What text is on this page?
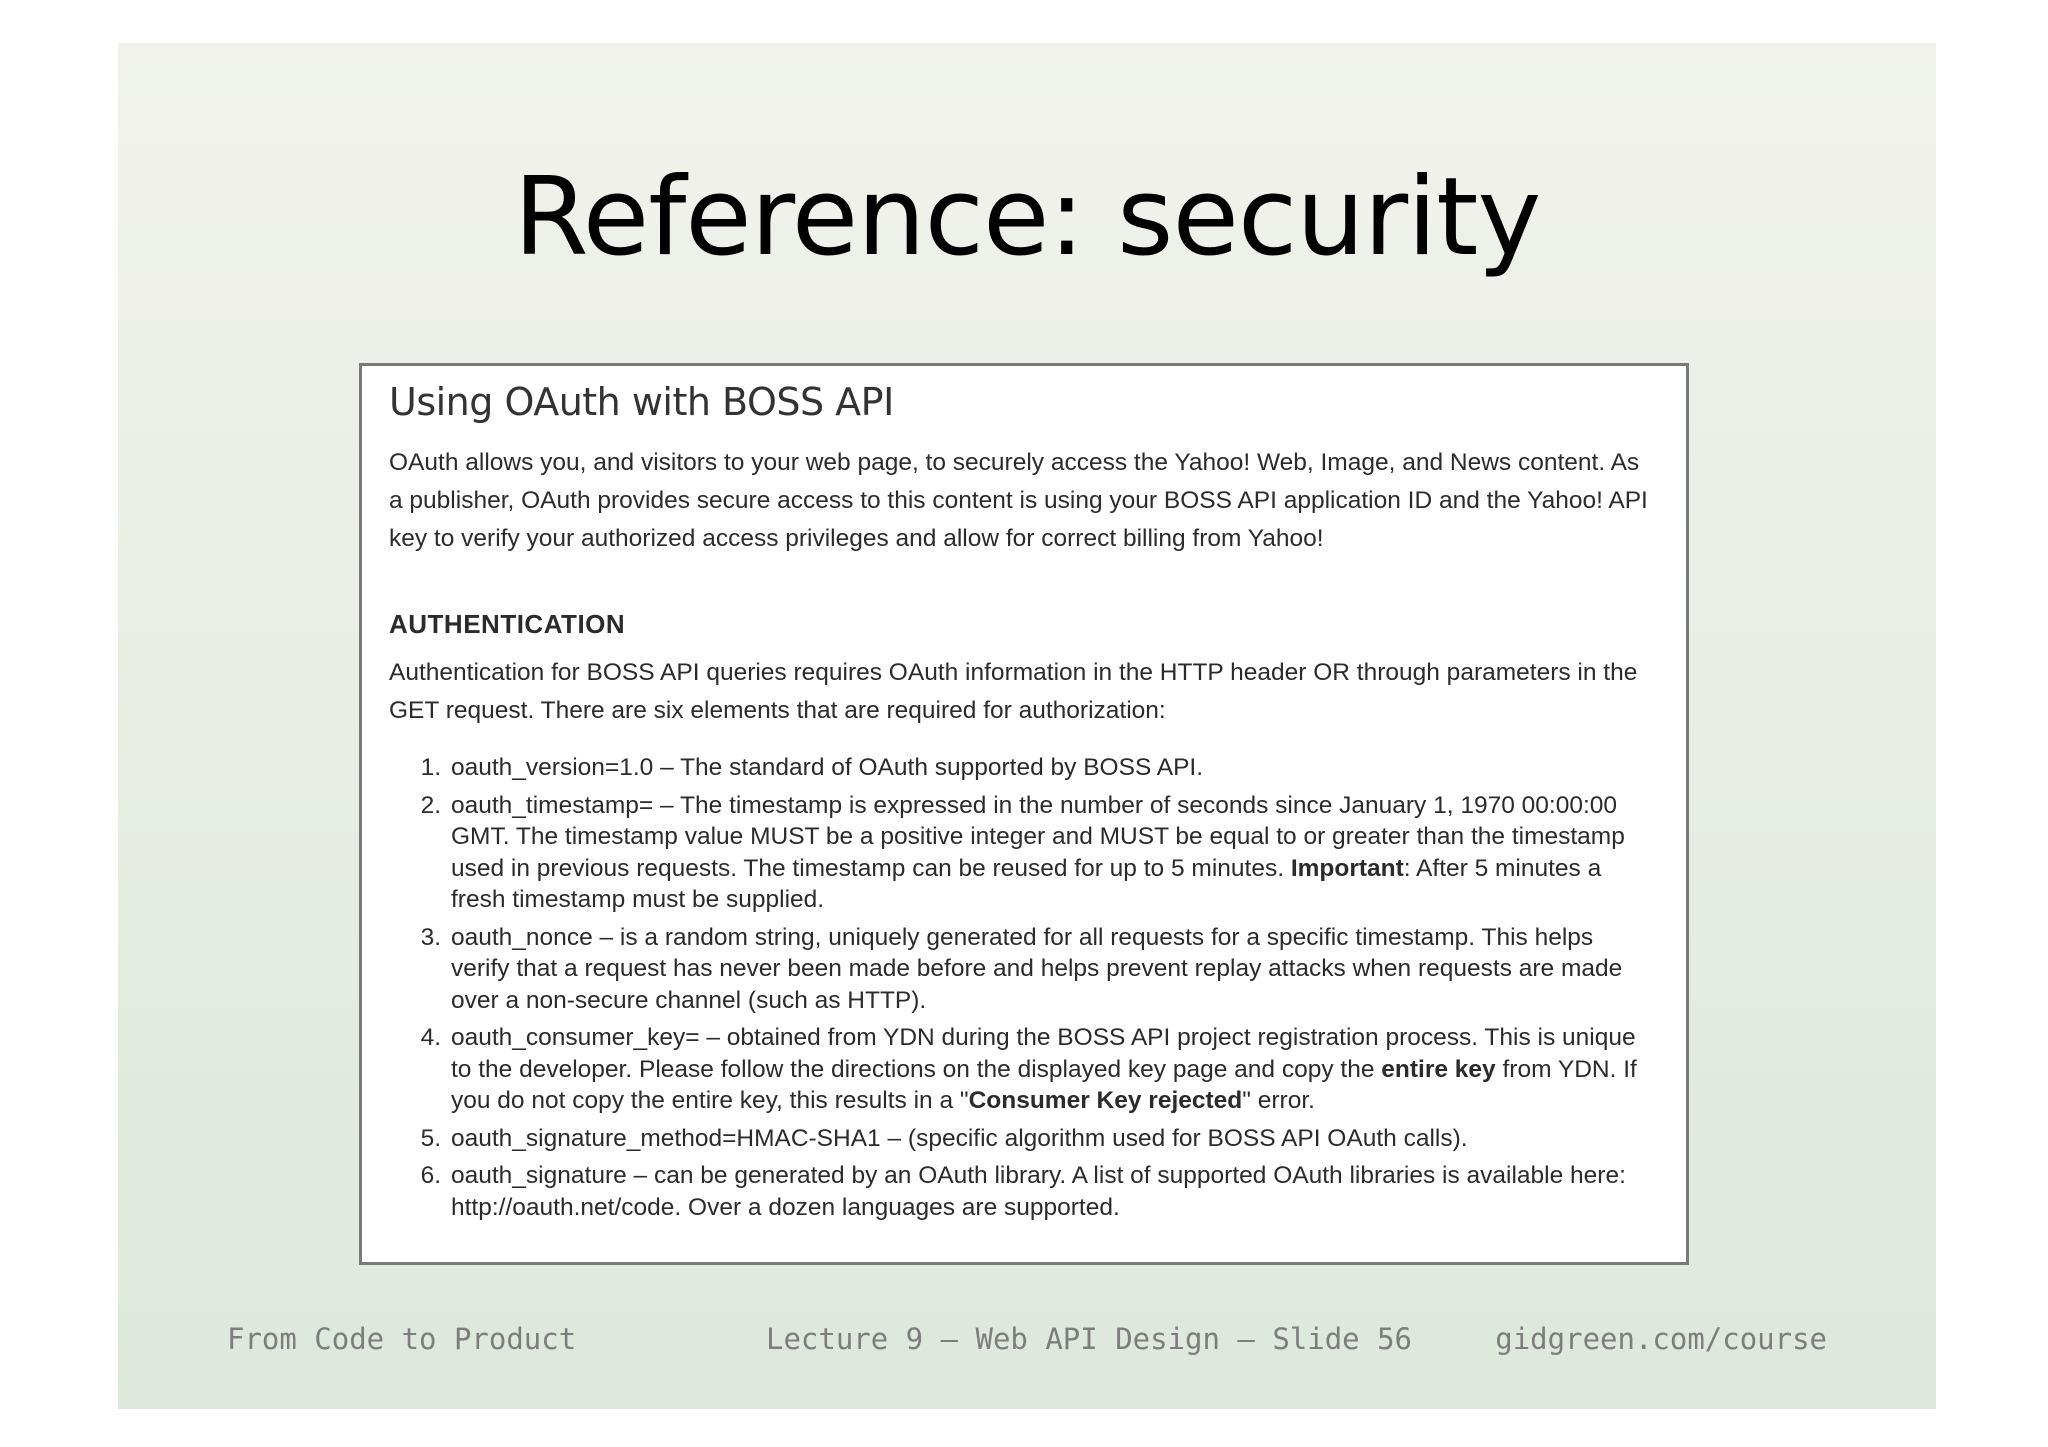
Reference: security
Using OAuth with BOSS API

OAuth allows you, and visitors to your web page, to securely access the Yahoo! Web, Image, and News content. As a publisher, OAuth provides secure access to this content is using your BOSS API application ID and the Yahoo! API key to verify your authorized access privileges and allow for correct billing from Yahoo!

AUTHENTICATION

Authentication for BOSS API queries requires OAuth information in the HTTP header OR through parameters in the GET request. There are six elements that are required for authorization:

1. oauth_version=1.0 – The standard of OAuth supported by BOSS API.
2. oauth_timestamp= – The timestamp is expressed in the number of seconds since January 1, 1970 00:00:00 GMT. The timestamp value MUST be a positive integer and MUST be equal to or greater than the timestamp used in previous requests. The timestamp can be reused for up to 5 minutes. Important: After 5 minutes a fresh timestamp must be supplied.
3. oauth_nonce – is a random string, uniquely generated for all requests for a specific timestamp. This helps verify that a request has never been made before and helps prevent replay attacks when requests are made over a non-secure channel (such as HTTP).
4. oauth_consumer_key= – obtained from YDN during the BOSS API project registration process. This is unique to the developer. Please follow the directions on the displayed key page and copy the entire key from YDN. If you do not copy the entire key, this results in a "Consumer Key rejected" error.
5. oauth_signature_method=HMAC-SHA1 – (specific algorithm used for BOSS API OAuth calls).
6. oauth_signature – can be generated by an OAuth library. A list of supported OAuth libraries is available here: http://oauth.net/code. Over a dozen languages are supported.
From Code to Product	Lecture 9 — Web API Design — Slide 56	gidgreen.com/course
